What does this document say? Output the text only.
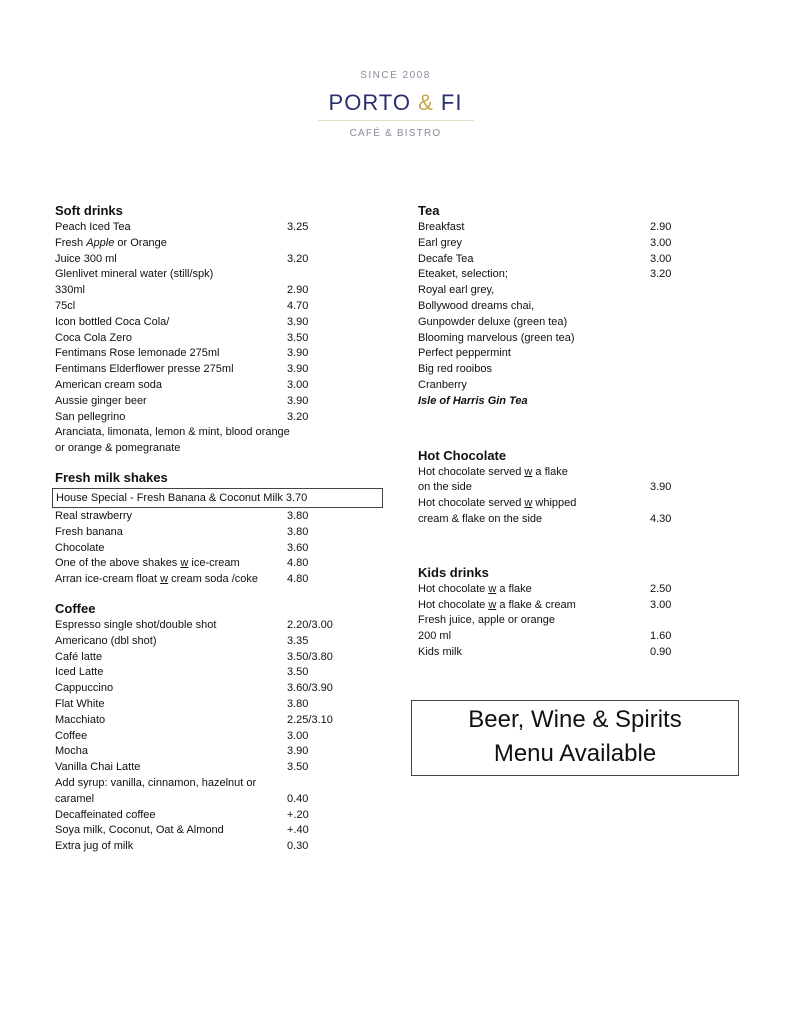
SINCE 2008
PORTO & FI
CAFÉ & BISTRO
Soft drinks
Peach Iced Tea	3.25
Fresh Apple or Orange
Juice 300 ml	3.20
Glenlivet mineral water (still/spk)
330ml	2.90
75cl	4.70
Icon bottled Coca Cola/	3.90
Coca Cola Zero	3.50
Fentimans Rose lemonade 275ml	3.90
Fentimans Elderflower presse 275ml	3.90
American cream soda	3.00
Aussie ginger beer	3.90
San pellegrino	3.20
Aranciata, limonata, lemon & mint, blood orange
or orange & pomegranate
Fresh milk shakes
House Special - Fresh Banana & Coconut Milk 3.70
Real strawberry	3.80
Fresh banana	3.80
Chocolate	3.60
One of the above shakes w ice-cream	4.80
Arran ice-cream float w cream soda /coke	4.80
Coffee
Espresso single shot/double shot	2.20/3.00
Americano (dbl shot)	3.35
Café latte	3.50/3.80
Iced Latte	3.50
Cappuccino	3.60/3.90
Flat White	3.80
Macchiato	2.25/3.10
Coffee	3.00
Mocha	3.90
Vanilla Chai Latte	3.50
Add syrup: vanilla, cinnamon, hazelnut or
caramel	0.40
Decaffeinated coffee	+.20
Soya milk, Coconut, Oat & Almond	+.40
Extra jug of milk	0.30
Tea
Breakfast	2.90
Earl grey	3.00
Decafe Tea	3.00
Eteaket, selection;	3.20
Royal earl grey,
Bollywood dreams chai,
Gunpowder deluxe (green tea)
Blooming marvelous (green tea)
Perfect peppermint
Big red rooibos
Cranberry
Isle of Harris Gin Tea
Hot Chocolate
Hot chocolate served w a flake
on the side	3.90
Hot chocolate served w whipped
cream & flake on the side	4.30
Kids drinks
Hot chocolate w a flake	2.50
Hot chocolate w a flake & cream	3.00
Fresh juice, apple or orange
200 ml	1.60
Kids milk	0.90
Beer, Wine & Spirits
Menu Available
